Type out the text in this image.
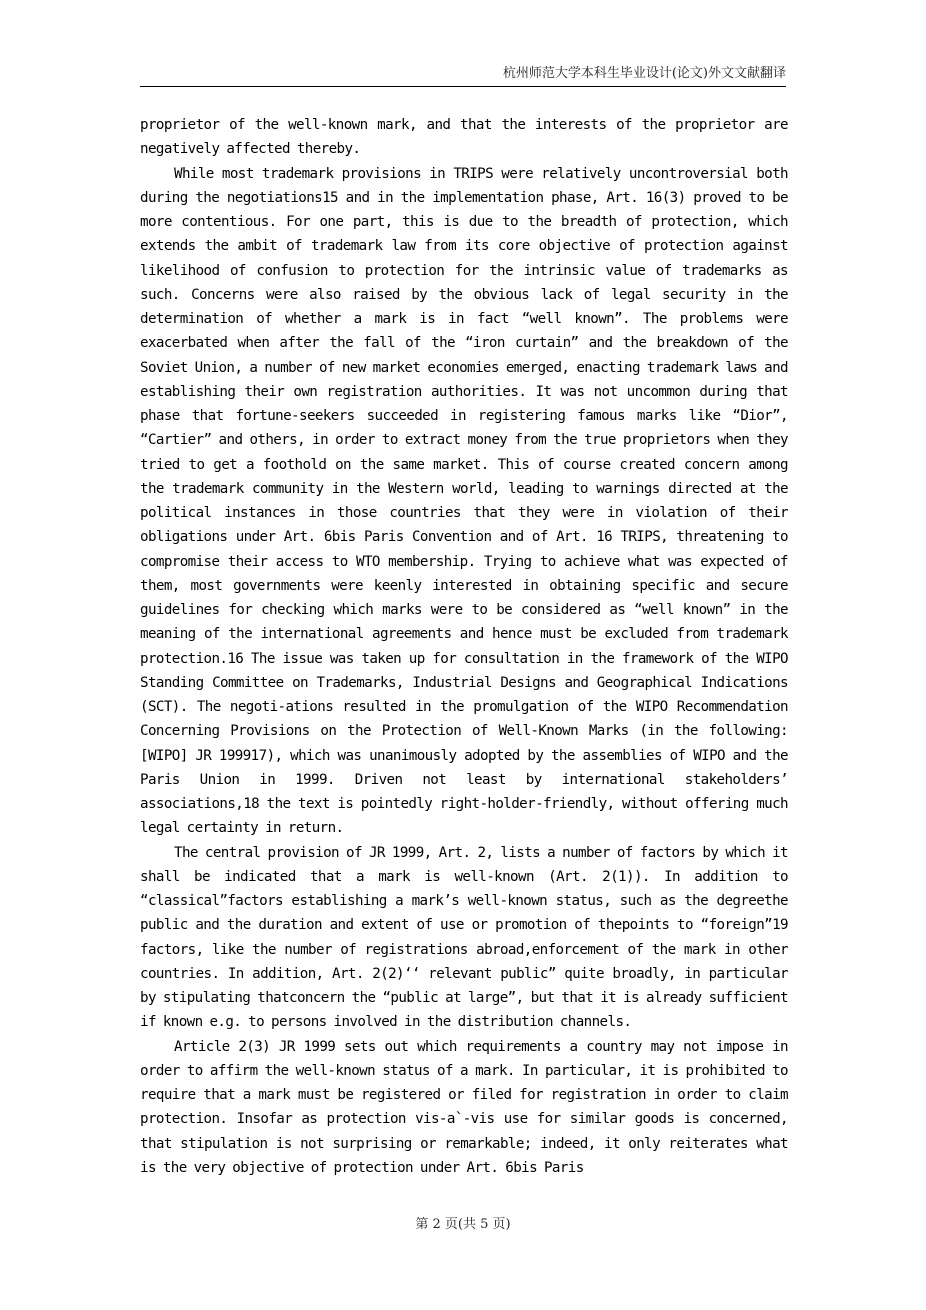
杭州师范大学本科生毕业设计(论文)外文文献翻译

proprietor of the well-known mark, and that the interests of the proprietor are negatively affected thereby.

While most trademark provisions in TRIPS were relatively uncontroversial both during the negotiations15 and in the implementation phase, Art. 16(3) proved to be more contentious. For one part, this is due to the breadth of protection, which extends the ambit of trademark law from its core objective of protection against likelihood of confusion to protection for the intrinsic value of trademarks as such. Concerns were also raised by the obvious lack of legal security in the determination of whether a mark is in fact “well known”. The problems were exacerbated when after the fall of the “iron curtain” and the breakdown of the Soviet Union, a number of new market economies emerged, enacting trademark laws and establishing their own registration authorities. It was not uncommon during that phase that fortune-seekers succeeded in registering famous marks like “Dior”, “Cartier” and others, in order to extract money from the true proprietors when they tried to get a foothold on the same market. This of course created concern among the trademark community in the Western world, leading to warnings directed at the political instances in those countries that they were in violation of their obligations under Art. 6bis Paris Convention and of Art. 16 TRIPS, threatening to compromise their access to WTO membership. Trying to achieve what was expected of them, most governments were keenly interested in obtaining specific and secure guidelines for checking which marks were to be considered as “well known” in the meaning of the international agreements and hence must be excluded from trademark protection.16 The issue was taken up for consultation in the framework of the WIPO Standing Committee on Trademarks, Industrial Designs and Geographical Indications (SCT). The negoti-ations resulted in the promulgation of the WIPO Recommendation Concerning Provisions on the Protection of Well-Known Marks (in the following: [WIPO] JR 199917), which was unanimously adopted by the assemblies of WIPO and the Paris Union in 1999. Driven not least by international stakeholders’ associations,18 the text is pointedly right-holder-friendly, without offering much legal certainty in return.

The central provision of JR 1999, Art. 2, lists a number of factors by which it shall be indicated that a mark is well-known (Art. 2(1)). In addition to “classical”factors establishing a mark’s well-known status, such as the degreethe public and the duration and extent of use or promotion of thepoints to “foreign”19 factors, like the number of registrations abroad,enforcement of the mark in other countries. In addition, Art. 2(2)‘‘ relevant public” quite broadly, in particular by stipulating thatconcern the “public at large”, but that it is already sufficient if known e.g. to persons involved in the distribution channels.

Article 2(3) JR 1999 sets out which requirements a country may not impose in order to affirm the well-known status of a mark. In particular, it is prohibited to require that a mark must be registered or filed for registration in order to claim protection. Insofar as protection vis-a`-vis use for similar goods is concerned, that stipulation is not surprising or remarkable; indeed, it only reiterates what is the very objective of protection under Art. 6bis Paris

第 2 页(共 5 页)
